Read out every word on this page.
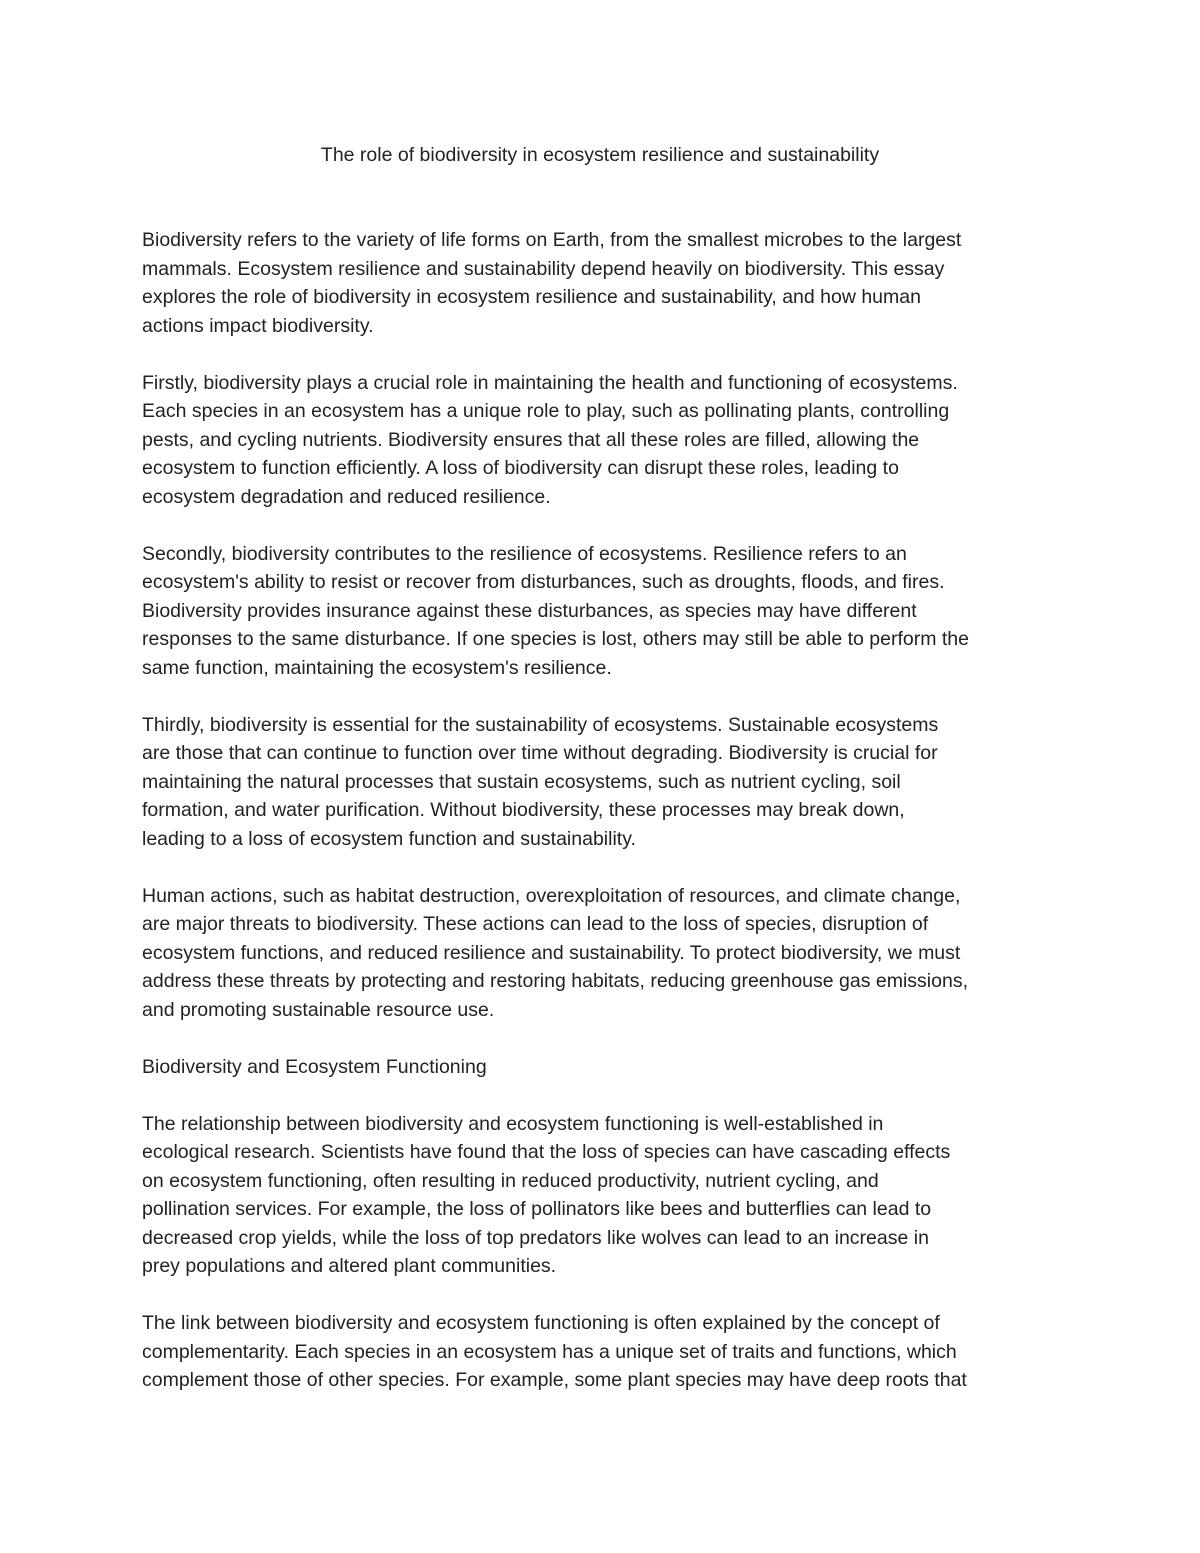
The role of biodiversity in ecosystem resilience and sustainability

Biodiversity refers to the variety of life forms on Earth, from the smallest microbes to the largest
mammals. Ecosystem resilience and sustainability depend heavily on biodiversity. This essay
explores the role of biodiversity in ecosystem resilience and sustainability, and how human
actions impact biodiversity.

Firstly, biodiversity plays a crucial role in maintaining the health and functioning of ecosystems.
Each species in an ecosystem has a unique role to play, such as pollinating plants, controlling
pests, and cycling nutrients. Biodiversity ensures that all these roles are filled, allowing the
ecosystem to function efficiently. A loss of biodiversity can disrupt these roles, leading to
ecosystem degradation and reduced resilience.

Secondly, biodiversity contributes to the resilience of ecosystems. Resilience refers to an
ecosystem's ability to resist or recover from disturbances, such as droughts, floods, and fires.
Biodiversity provides insurance against these disturbances, as species may have different
responses to the same disturbance. If one species is lost, others may still be able to perform the
same function, maintaining the ecosystem's resilience.

Thirdly, biodiversity is essential for the sustainability of ecosystems. Sustainable ecosystems
are those that can continue to function over time without degrading. Biodiversity is crucial for
maintaining the natural processes that sustain ecosystems, such as nutrient cycling, soil
formation, and water purification. Without biodiversity, these processes may break down,
leading to a loss of ecosystem function and sustainability.

Human actions, such as habitat destruction, overexploitation of resources, and climate change,
are major threats to biodiversity. These actions can lead to the loss of species, disruption of
ecosystem functions, and reduced resilience and sustainability. To protect biodiversity, we must
address these threats by protecting and restoring habitats, reducing greenhouse gas emissions,
and promoting sustainable resource use.

Biodiversity and Ecosystem Functioning

The relationship between biodiversity and ecosystem functioning is well-established in
ecological research. Scientists have found that the loss of species can have cascading effects
on ecosystem functioning, often resulting in reduced productivity, nutrient cycling, and
pollination services. For example, the loss of pollinators like bees and butterflies can lead to
decreased crop yields, while the loss of top predators like wolves can lead to an increase in
prey populations and altered plant communities.

The link between biodiversity and ecosystem functioning is often explained by the concept of
complementarity. Each species in an ecosystem has a unique set of traits and functions, which
complement those of other species. For example, some plant species may have deep roots that
